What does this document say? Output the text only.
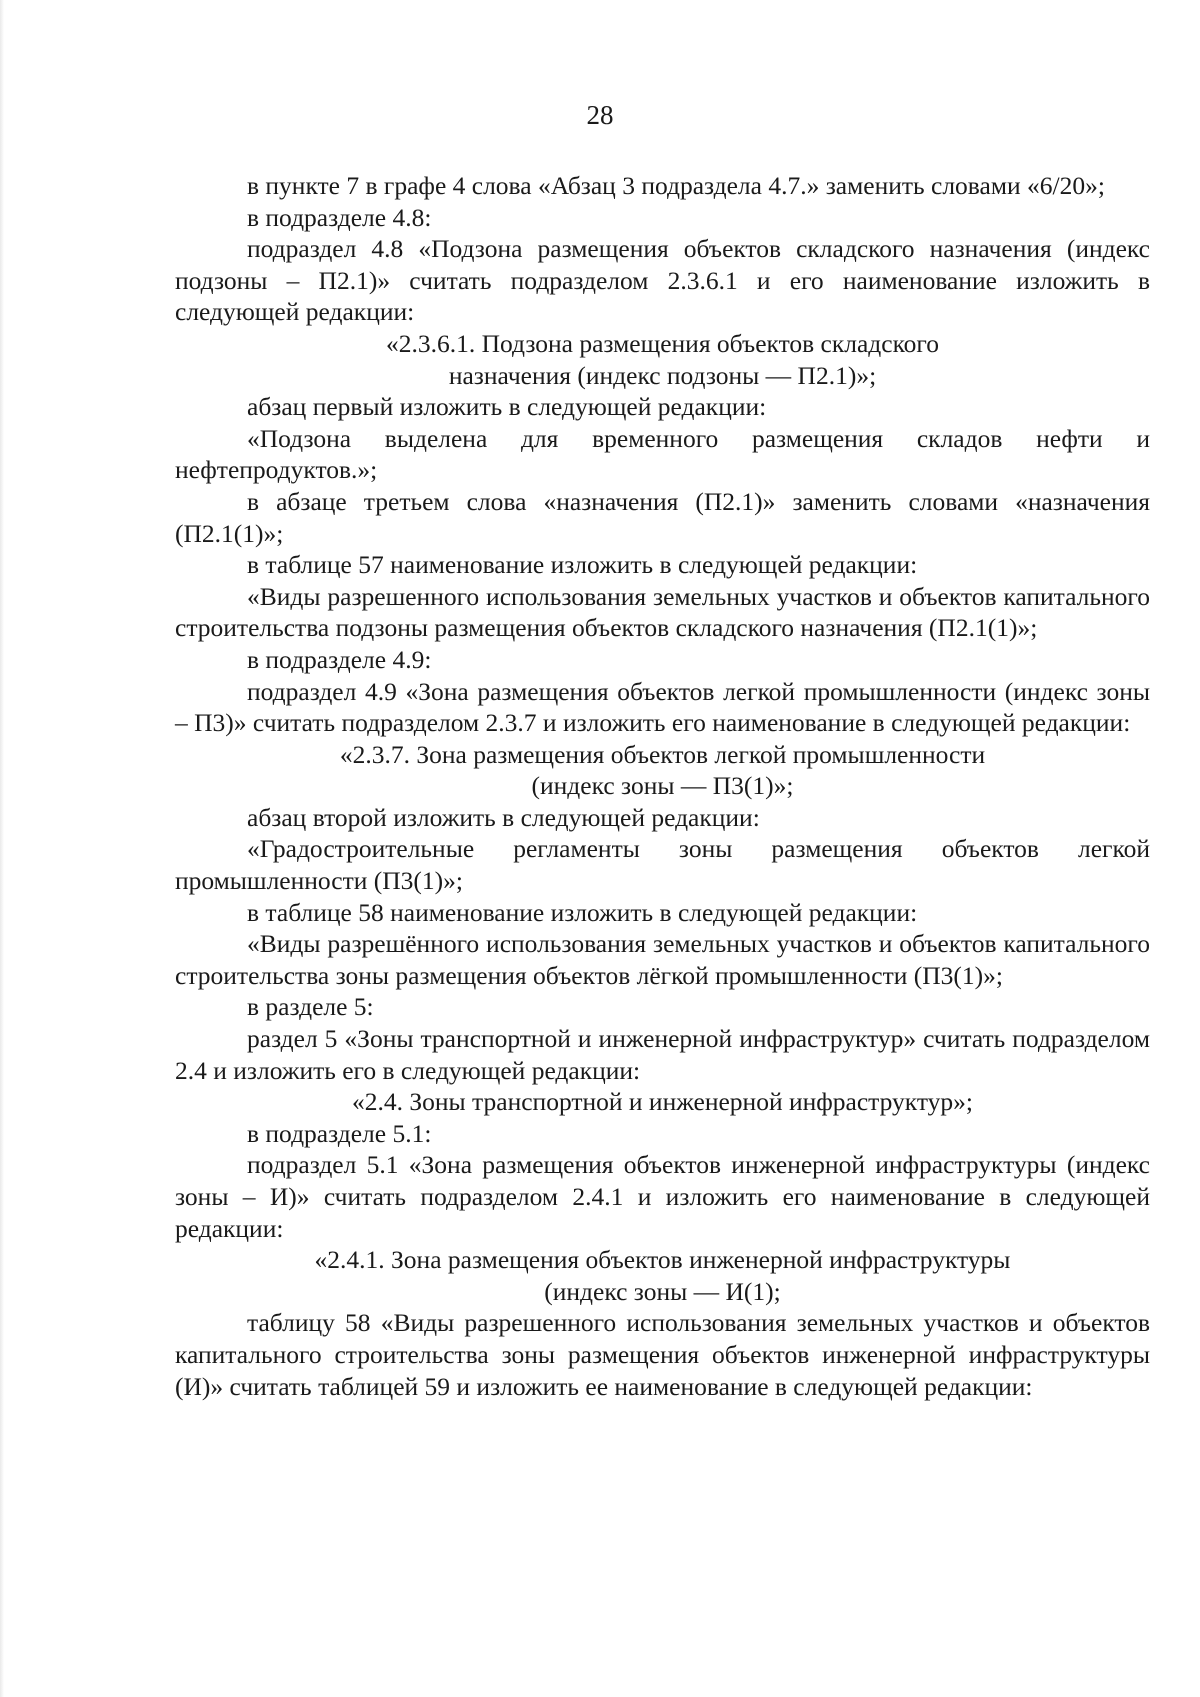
28

в пункте 7 в графе 4 слова «Абзац 3 подраздела 4.7.» заменить словами «6/20»;

в подразделе 4.8:

подраздел 4.8 «Подзона размещения объектов складского назначения (индекс подзоны – П2.1)» считать подразделом 2.3.6.1 и его наименование изложить в следующей редакции:

«2.3.6.1. Подзона размещения объектов складского

назначения (индекс подзоны — П2.1)»;

абзац первый изложить в следующей редакции:

«Подзона выделена для временного размещения складов нефти и нефтепродуктов.»;

в абзаце третьем слова «назначения (П2.1)» заменить словами «назначения (П2.1(1)»;

в таблице 57 наименование изложить в следующей редакции:

«Виды разрешенного использования земельных участков и объектов капитального строительства подзоны размещения объектов складского назначения (П2.1(1)»;

в подразделе 4.9:

подраздел 4.9 «Зона размещения объектов легкой промышленности (индекс зоны – П3)» считать подразделом 2.3.7 и изложить его наименование в следующей редакции:

«2.3.7. Зона размещения объектов легкой промышленности

(индекс зоны — П3(1)»;

абзац второй изложить в следующей редакции:

«Градостроительные регламенты зоны размещения объектов легкой промышленности (П3(1)»;

в таблице 58 наименование изложить в следующей редакции:

«Виды разрешённого использования земельных участков и объектов капитального строительства зоны размещения объектов лёгкой промышленности (П3(1)»;

в разделе 5:

раздел 5 «Зоны транспортной и инженерной инфраструктур» считать подразделом 2.4 и изложить его в следующей редакции:

«2.4. Зоны транспортной и инженерной инфраструктур»;

в подразделе 5.1:

подраздел 5.1 «Зона размещения объектов инженерной инфраструктуры (индекс зоны – И)» считать подразделом 2.4.1 и изложить его наименование в следующей редакции:

«2.4.1. Зона размещения объектов инженерной инфраструктуры

(индекс зоны — И(1);

таблицу 58 «Виды разрешенного использования земельных участков и объектов капитального строительства зоны размещения объектов инженерной инфраструктуры (И)» считать таблицей 59 и изложить ее наименование в следующей редакции:
